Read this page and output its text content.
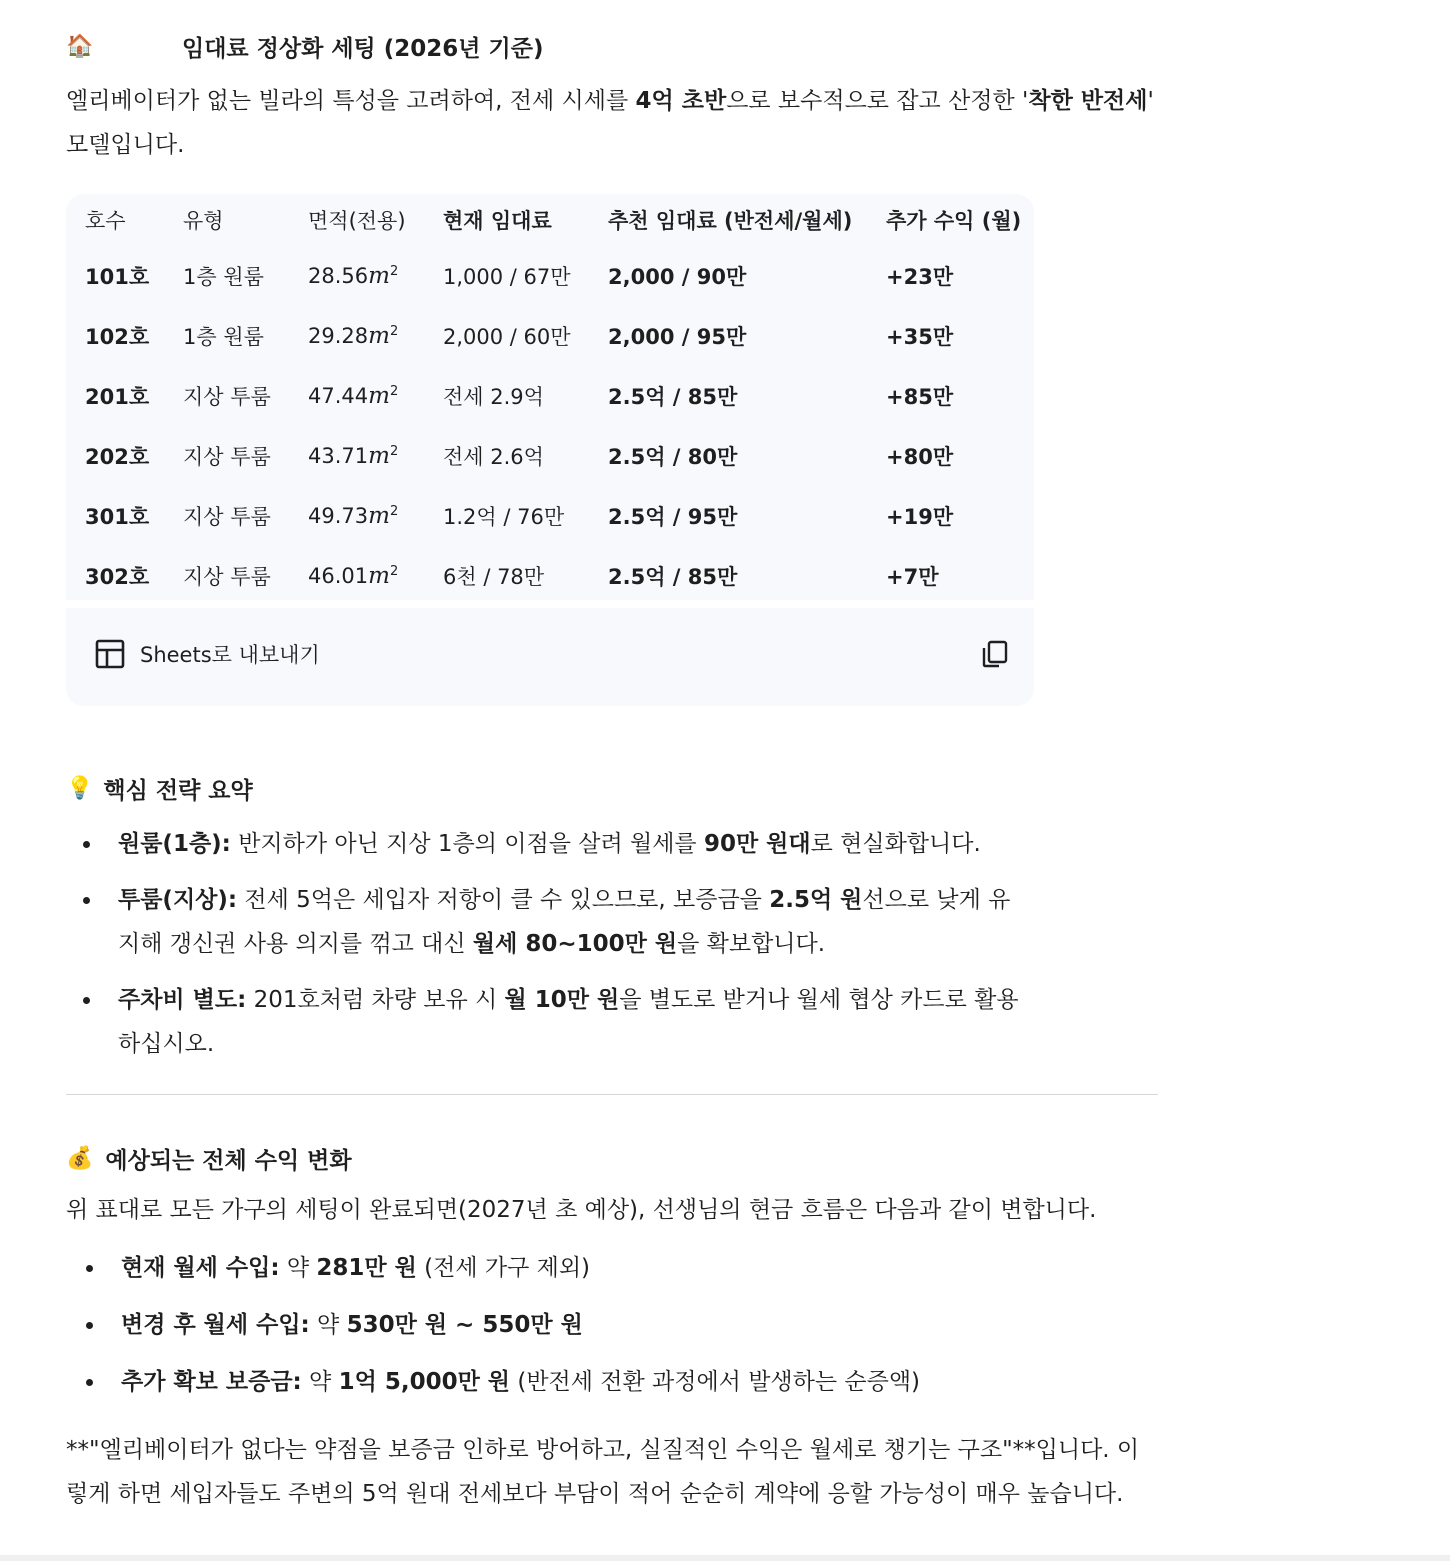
🏠	임대료 정상화 세팅 (2026년 기준)

엘리베이터가 없는 빌라의 특성을 고려하여, 전세 시세를 4억 초반으로 보수적으로 잡고 산정한 '착한 반전세' 모델입니다.

호수	유형	면적(전용)	현재 임대료	추천 임대료 (반전세/월세)	추가 수익 (월)
101호	1층 원룸	$28.56m^2$	1,000 / 67만	2,000 / 90만	+23만
102호	1층 원룸	$29.28m^2$	2,000 / 60만	2,000 / 95만	+35만
201호	지상 투룸	$47.44m^2$	전세 2.9억	2.5억 / 85만	+85만
202호	지상 투룸	$43.71m^2$	전세 2.6억	2.5억 / 80만	+80만
301호	지상 투룸	$49.73m^2$	1.2억 / 76만	2.5억 / 95만	+19만
302호	지상 투룸	$46.01m^2$	6천 / 78만	2.5억 / 85만	+7만
Sheets로 내보내기
💰 예상되는 전체 수익 변화

위 표대로 모든 가구의 세팅이 완료되면(2027년 초 예상), 선생님의 현금 흐름은 다음과 같이 변합니다.

현재 월세 수입: 약 281만 원 (전세 가구 제외)
변경 후 월세 수입: 약 530만 원 ~ 550만 원
추가 확보 보증금: 약 1억 5,000만 원 (반전세 전환 과정에서 발생하는 순증액)

**"엘리베이터가 없다는 약점을 보증금 인하로 방어하고, 실질적인 수익은 월세로 챙기는 구조"**입니다. 이렇게 하면 세입자들도 주변의 5억 원대 전세보다 부담이 적어 순순히 계약에 응할 가능성이 매우 높습니다.

💡 핵심 전략 요약
원룸(1층): 반지하가 아닌 지상 1층의 이점을 살려 월세를 90만 원대로 현실화합니다.
투룸(지상): 전세 5억은 세입자 저항이 클 수 있으므로, 보증금을 2.5억 원선으로 낮게 유지해 갱신권 사용 의지를 꺾고 대신 월세 80~100만 원을 확보합니다.
주차비 별도: 201호처럼 차량 보유 시 월 10만 원을 별도로 받거나 월세 협상 카드로 활용하십시오.
